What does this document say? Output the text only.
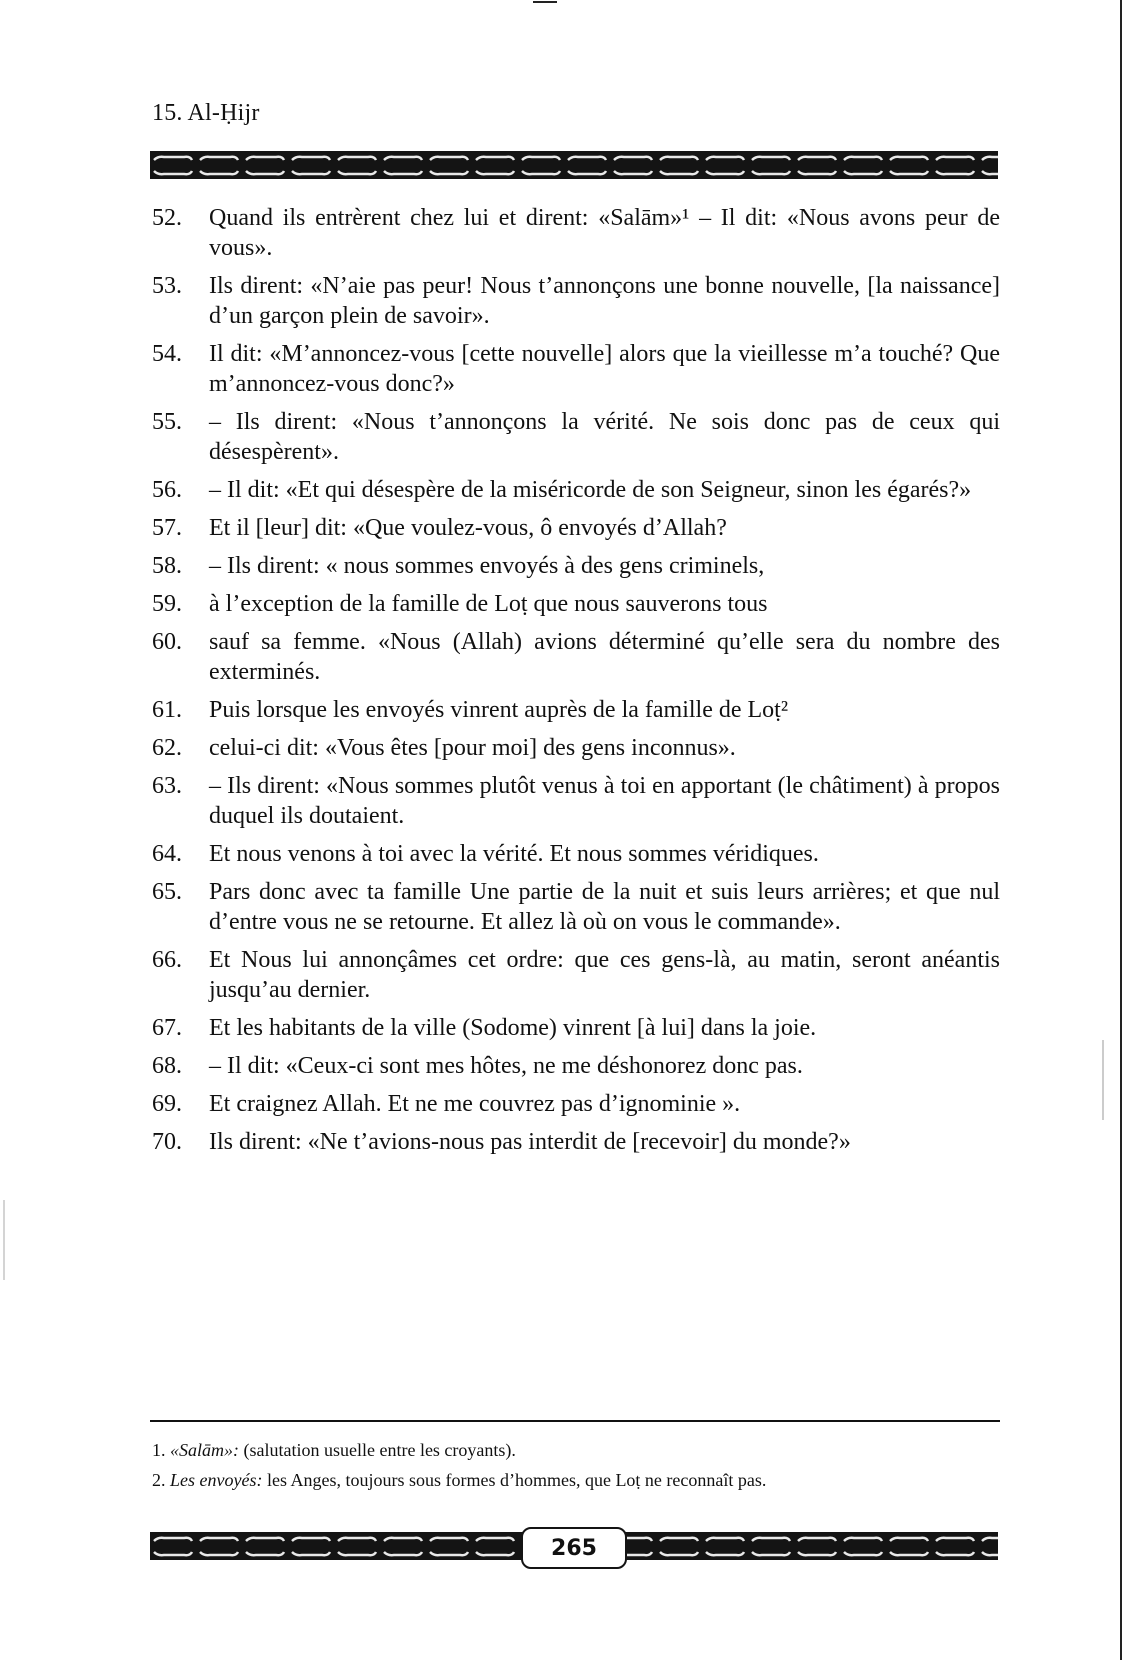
15. Al-Ḥijr
52.	Quand ils entrèrent chez lui et dirent: «Salām»¹ – Il dit: «Nous avons peur de vous».
53.	Ils dirent: «N’aie pas peur! Nous t’annonçons une bonne nouvelle, [la naissance] d’un garçon plein de savoir».
54.	Il dit: «M’annoncez-vous [cette nouvelle] alors que la vieillesse m’a touché? Que m’annoncez-vous donc?»
55.	– Ils dirent: «Nous t’annonçons la vérité. Ne sois donc pas de ceux qui désespèrent».
56.	– Il dit: «Et qui désespère de la miséricorde de son Seigneur, sinon les égarés?»
57.	Et il [leur] dit: «Que voulez-vous, ô envoyés d’Allah?
58.	– Ils dirent: « nous sommes envoyés à des gens criminels,
59.	à l’exception de la famille de Loṭ que nous sauverons tous
60.	sauf sa femme. «Nous (Allah) avions déterminé qu’elle sera du nombre des exterminés.
61.	Puis lorsque les envoyés vinrent auprès de la famille de Loṭ²
62.	celui-ci dit: «Vous êtes [pour moi] des gens inconnus».
63.	– Ils dirent: «Nous sommes plutôt venus à toi en apportant (le châtiment) à propos duquel ils doutaient.
64.	Et nous venons à toi avec la vérité. Et nous sommes véridiques.
65.	Pars donc avec ta famille Une partie de la nuit et suis leurs arrières; et que nul d’entre vous ne se retourne. Et allez là où on vous le commande».
66.	Et Nous lui annonçâmes cet ordre: que ces gens-là, au matin, seront anéantis jusqu’au dernier.
67.	Et les habitants de la ville (Sodome) vinrent [à lui] dans la joie.
68.	– Il dit: «Ceux-ci sont mes hôtes, ne me déshonorez donc pas.
69.	Et craignez Allah. Et ne me couvrez pas d’ignominie ».
70.	Ils dirent: «Ne t’avions-nous pas interdit de [recevoir] du monde?»
1. «Salām»: (salutation usuelle entre les croyants).
2. Les envoyés: les Anges, toujours sous formes d’hommes, que Loṭ ne reconnaît pas.
265
